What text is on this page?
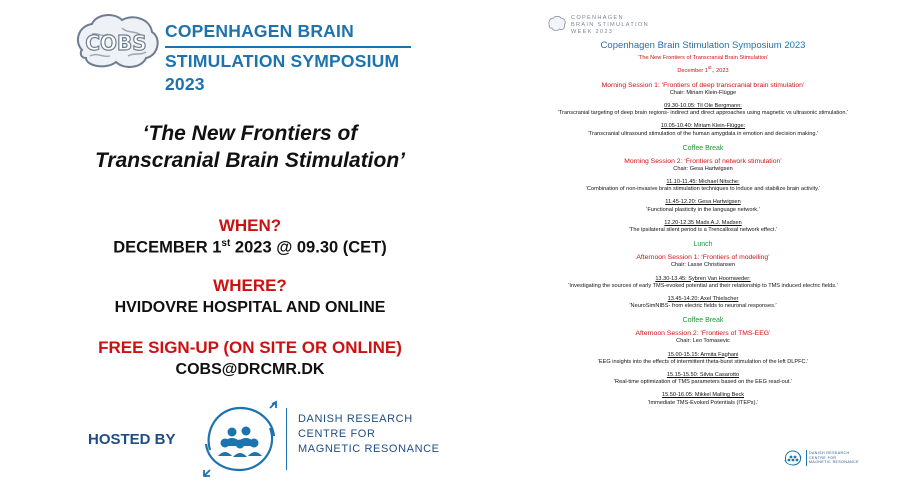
COBS COPENHAGEN BRAIN
STIMULATION SYMPOSIUM 2023
‘The New Frontiers of
Transcranial Brain Stimulation’
WHEN?
DECEMBER 1st 2023 @ 09.30 (CET)
WHERE?
HVIDOVRE HOSPITAL AND ONLINE
FREE SIGN-UP (ON SITE OR ONLINE)
COBS@DRCMR.DK
HOSTED BY
DANISH RESEARCH
CENTRE FOR
MAGNETIC RESONANCE
COPENHAGEN
BRAIN STIMULATION
WEEK 2023
Copenhagen Brain Stimulation Symposium 2023
‘The New Frontiers of Transcranial Brain Stimulation’
December 1st., 2023
Morning Session 1: ‘Frontiers of deep transcranial brain stimulation’
Chair: Miriam Klein-Flügge
09.30-10.05: Til Ole Bergmann:
‘Transcranial targeting of deep brain regions- indirect and direct approaches using magnetic vs ultrasonic stimulation.’
10.05-10.40: Miriam Klein-Flügge:
‘Transcranial ultrasound stimulation of the human amygdala in emotion and decision making.’
Coffee Break
Morning Session 2: ‘Frontiers of network stimulation’
Chair: Gesa Hartwigsen
11.10-11.45: Michael Nitsche:
‘Combination of non-invasive brain stimulation techniques to induce and stabilize brain activity.’
11.45-12.20: Gesa Hartwigsen
‘Functional plasticity in the language network.’
12.20-12.35 Mads A.J. Madsen
‘The ipsilateral silent period is a Trencallosal network effect.’
Lunch
Afternoon Session 1: ‘Frontiers of modelling’
Chair: Lasse Christiansen
13.30-13.45: Sybren Van Hoornweder:
‘Investigating the sources of early TMS-evoked potential and their relationship to TMS induced electric fields.’
13.45-14.20: Axel Thielscher
‘NeuroSimNIBS- from electric fields to neuronal responses.’
Coffee Break
Afternoon Session 2: ‘Frontiers of TMS-EEG’
Chair: Leo Tomasevic
15.00-15.15: Armita Faghani
‘EEG insights into the effects of intermittent theta-burst stimulation of the left DLPFC.’
15.15-15.50: Silvia Casarotto
‘Real-time optimization of TMS parameters based on the EEG read-out.’
15.50-16.05: Mikkel Malling Beck
‘Immediate TMS-Evoked Potentials (ITEPs).’
DANISH RESEARCH
CENTRE FOR
MAGNETIC RESONANCE
